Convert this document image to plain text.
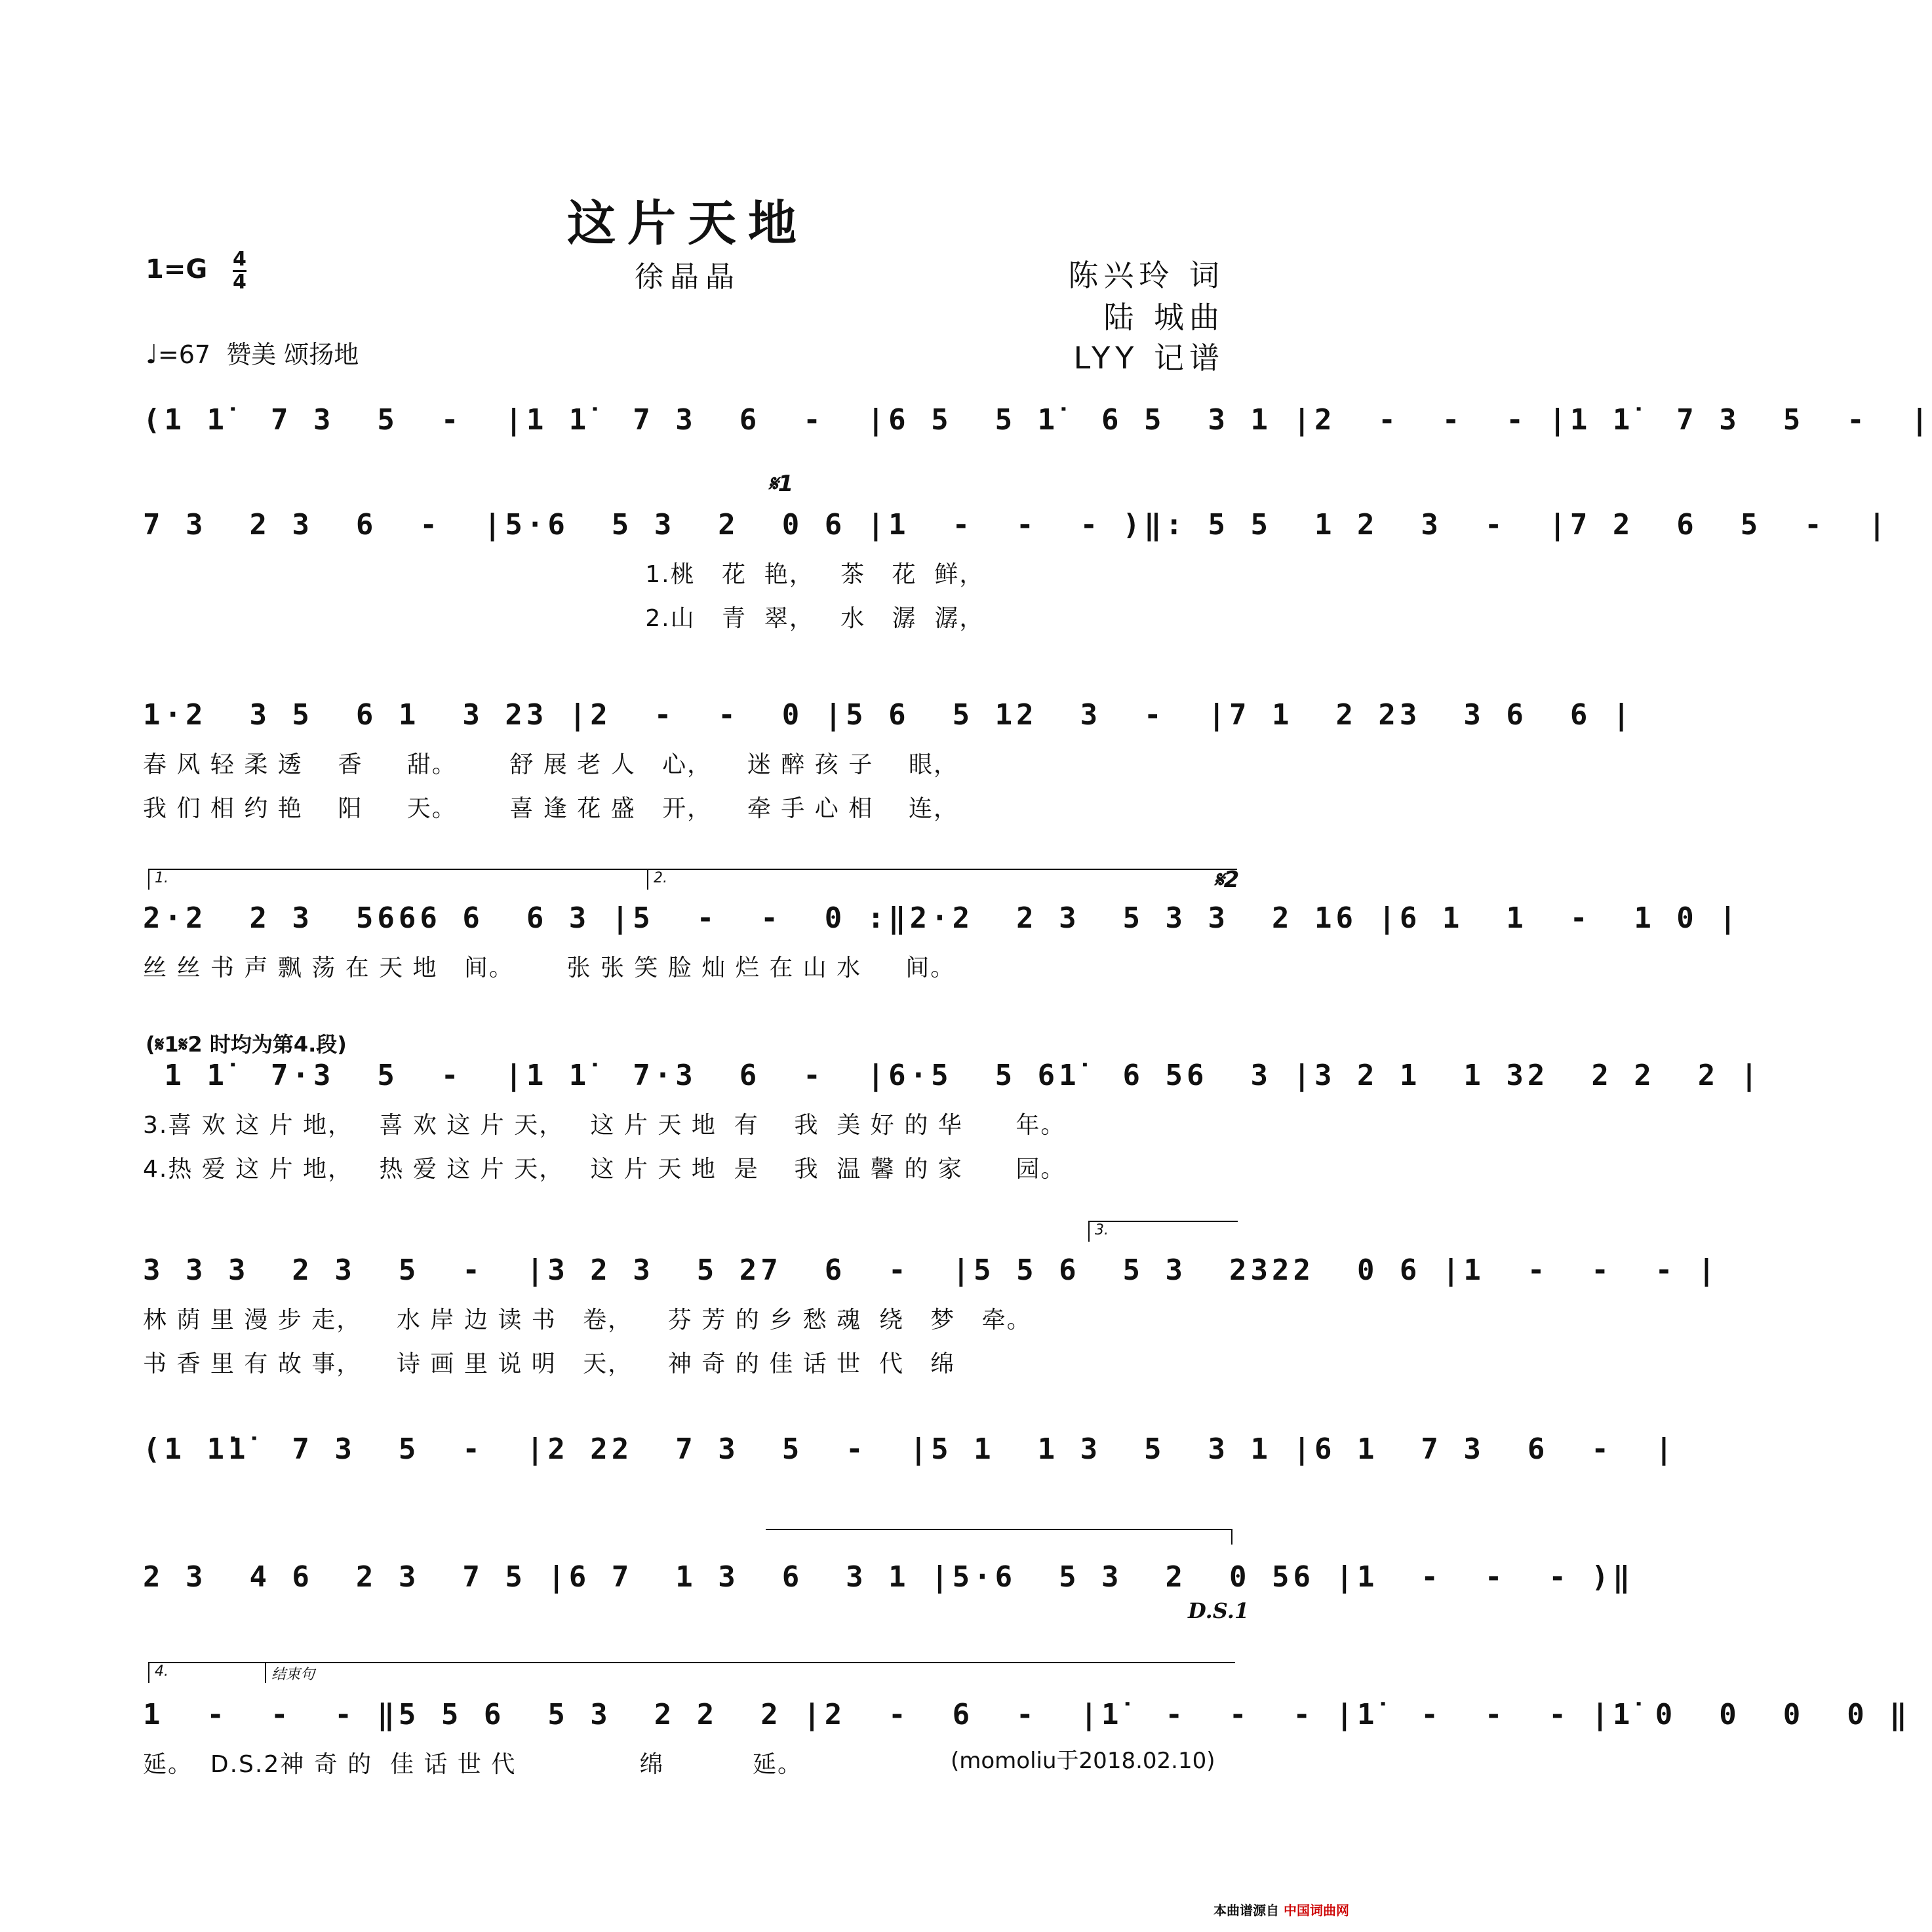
这片天地
1=G 4
4	徐晶晶	陈兴玲 词
陆 城曲
LYY 记谱
♩=67 赞美 颂扬地
(1 1̇  7 3  5  -  |1 1̇  7 3  6  -  |6 5  5 1̇  6 5  3 1 |2  -  -  - |1 1̇  7 3  5  -  |
𝄋1
7 3  2 3  6  -  |5·6  5 3  2  0 6 |1  -  -  - )‖: 5 5  1 2  3  -  |7 2  6  5  -  |
1.桃   花  艳，   茶   花  鲜，
2.山   青  翠，   水   潺  潺，
1·2  3 5  6 1  3 23 |2  -  -  0 |5 6  5 12  3  -  |7 1  2 23  3 6  6 |
春 风 轻 柔 透    香     甜。      舒 展 老 人   心，    迷 醉 孩 子    眼，
我 们 相 约 艳    阳     天。      喜 逢 花 盛   开，    牵 手 心 相    连，
1.	2.	𝄋2
2·2  2 3  5666 6  6 3 |5  -  -  0 :‖2·2  2 3  5 3 3  2 16 |6 1  1  -  1 0 |
丝 丝 书 声 飘 荡 在 天 地   间。      张 张 笑 脸 灿 烂 在 山 水     间。
(𝄋1𝄋2 时均为第4.段)
1 1̇  7·3  5  -  |1 1̇  7·3  6  -  |6·5  5 61̇  6 56  3 |3 2 1  1 32  2 2  2 |
3.喜 欢 这 片 地，   喜 欢 这 片 天，   这 片 天 地  有    我  美 好 的 华      年。
4.热 爱 这 片 地，   热 爱 这 片 天，   这 片 天 地  是    我  温 馨 的 家      园。
3.
3 3 3  2 3  5  -  |3 2 3  5 27  6  -  |5 5 6  5 3  2322  0 6 |1  -  -  - |
林 荫 里 漫 步 走，    水 岸 边 读 书   卷，    芬 芳 的 乡 愁 魂  绕   梦   牵。
书 香 里 有 故 事，    诗 画 里 说 明   天，    神 奇 的 佳 话 世  代   绵
(1 1̇1̇  7 3  5  -  |2 22  7 3  5  -  |5 1  1 3  5  3 1 |6 1  7 3  6  -  |
2 3  4 6  2 3  7 5 |6 7  1 3  6  3 1 |5·6  5 3  2  0 56 |1  -  -  - )‖
D.S.1
4.	结束句
1  -  -  - ‖5 5 6  5 3  2 2  2 |2  -  6  -  |1̇  -  -  - |1̇  -  -  - |1̇ 0  0  0  0 ‖
延。  D.S.2神 奇 的  佳 话 世 代              绵          延。	(momoliu于2018.02.10)
本曲谱源自 中国词曲网
